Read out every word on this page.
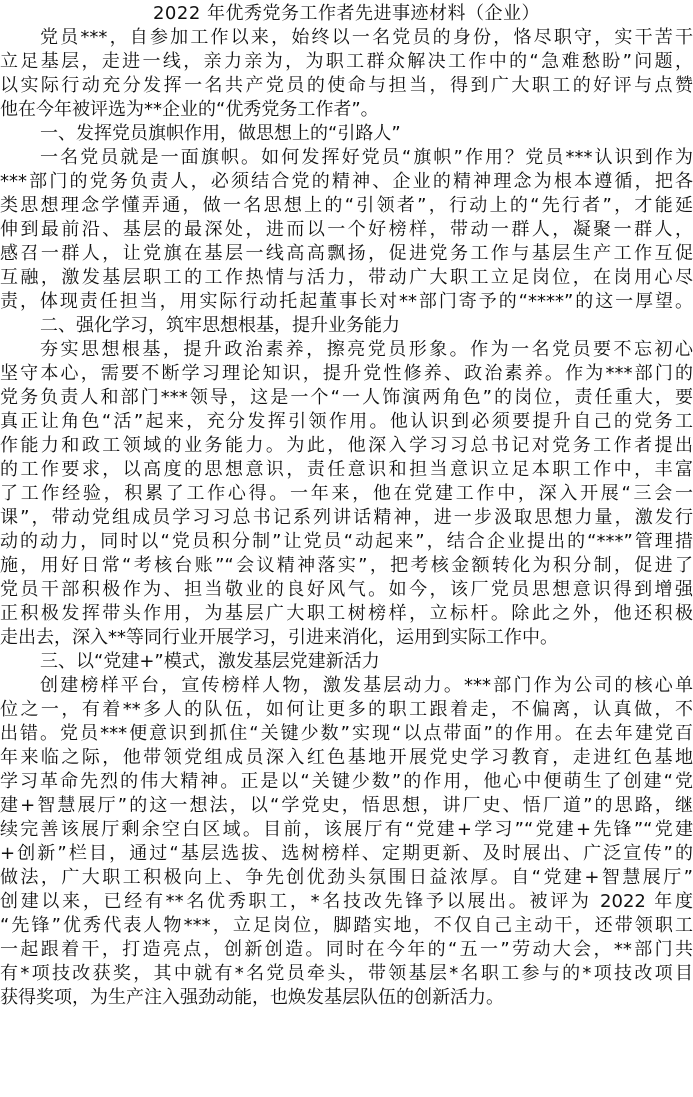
2022 年优秀党务工作者先进事迹材料（企业）
党员***，自参加工作以来，始终以一名党员的身份，恪尽职守，实干苦干
立足基层，走进一线，亲力亲为，为职工群众解决工作中的“急难愁盼”问题，
以实际行动充分发挥一名共产党员的使命与担当，得到广大职工的好评与点赞
他在今年被评选为**企业的“优秀党务工作者”。
一、发挥党员旗帜作用，做思想上的“引路人”
一名党员就是一面旗帜。如何发挥好党员“旗帜”作用？党员***认识到作为
***部门的党务负责人，必须结合党的精神、企业的精神理念为根本遵循，把各
类思想理念学懂弄通，做一名思想上的“引领者”，行动上的“先行者”，才能延
伸到最前沿、基层的最深处，进而以一个好榜样，带动一群人，凝聚一群人，
感召一群人，让党旗在基层一线高高飘扬，促进党务工作与基层生产工作互促
互融，激发基层职工的工作热情与活力，带动广大职工立足岗位，在岗用心尽
责，体现责任担当，用实际行动托起董事长对**部门寄予的“****”的这一厚望。
二、强化学习，筑牢思想根基，提升业务能力
夯实思想根基，提升政治素养，擦亮党员形象。作为一名党员要不忘初心
坚守本心，需要不断学习理论知识，提升党性修养、政治素养。作为***部门的
党务负责人和部门***领导，这是一个“一人饰演两角色”的岗位，责任重大，要
真正让角色“活”起来，充分发挥引领作用。他认识到必须要提升自己的党务工
作能力和政工领域的业务能力。为此，他深入学习习总书记对党务工作者提出
的工作要求，以高度的思想意识，责任意识和担当意识立足本职工作中，丰富
了工作经验，积累了工作心得。一年来，他在党建工作中，深入开展“三会一
课”，带动党组成员学习习总书记系列讲话精神，进一步汲取思想力量，激发行
动的动力，同时以“党员积分制”让党员“动起来”，结合企业提出的“***”管理措
施，用好日常“考核台账”“会议精神落实”，把考核金额转化为积分制，促进了
党员干部积极作为、担当敬业的良好风气。如今，该厂党员思想意识得到增强
正积极发挥带头作用，为基层广大职工树榜样，立标杆。除此之外，他还积极
走出去，深入**等同行业开展学习，引进来消化，运用到实际工作中。
三、以“党建+”模式，激发基层党建新活力
创建榜样平台，宣传榜样人物，激发基层动力。***部门作为公司的核心单
位之一，有着**多人的队伍，如何让更多的职工跟着走，不偏离，认真做，不
出错。党员***便意识到抓住“关键少数”实现“以点带面”的作用。在去年建党百
年来临之际，他带领党组成员深入红色基地开展党史学习教育，走进红色基地
学习革命先烈的伟大精神。正是以“关键少数”的作用，他心中便萌生了创建“党
建+智慧展厅”的这一想法，以“学党史，悟思想，讲厂史、悟厂道”的思路，继
续完善该展厅剩余空白区域。目前，该展厅有“党建+学习”“党建+先锋”“党建
+创新”栏目，通过“基层选拔、选树榜样、定期更新、及时展出、广泛宣传”的
做法，广大职工积极向上、争先创优劲头氛围日益浓厚。自“党建+智慧展厅”
创建以来，已经有**名优秀职工，*名技改先锋予以展出。被评为 2022 年度
“先锋”优秀代表人物***，立足岗位，脚踏实地，不仅自己主动干，还带领职工
一起跟着干，打造亮点，创新创造。同时在今年的“五一”劳动大会，**部门共
有*项技改获奖，其中就有*名党员牵头，带领基层*名职工参与的*项技改项目
获得奖项，为生产注入强劲动能，也焕发基层队伍的创新活力。
